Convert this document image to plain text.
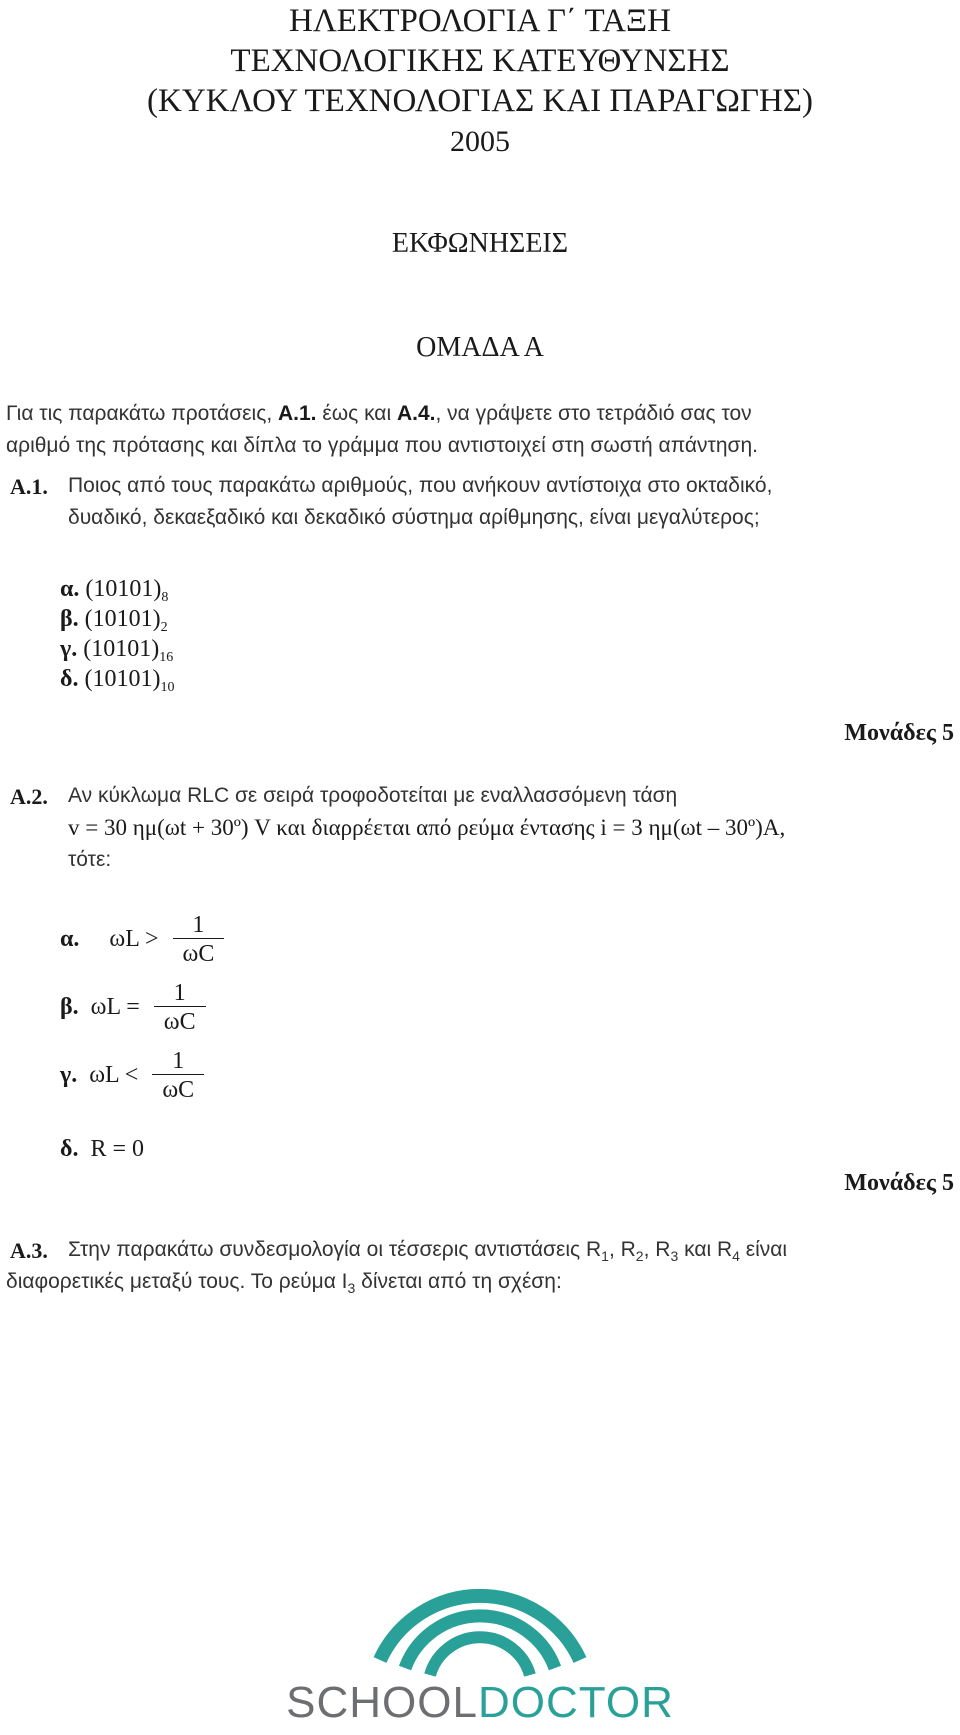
ΗΛΕΚΤΡΟΛΟΓΙΑ Γ΄ ΤΑΞΗ
ΤΕΧΝΟΛΟΓΙΚΗΣ ΚΑΤΕΥΘΥΝΣΗΣ
(ΚΥΚΛΟΥ ΤΕΧΝΟΛΟΓΙΑΣ ΚΑΙ ΠΑΡΑΓΩΓΗΣ)
2005
ΕΚΦΩΝΗΣΕΙΣ
ΟΜΑΔΑ Α
Για τις παρακάτω προτάσεις, Α.1. έως και Α.4., να γράψετε στο τετράδιό σας τον
αριθμό της πρότασης και δίπλα το γράμμα που αντιστοιχεί στη σωστή απάντηση.
Α.1. Ποιος από τους παρακάτω αριθμούς, που ανήκουν αντίστοιχα στο οκταδικό,
δυαδικό, δεκαεξαδικό και δεκαδικό σύστημα αρίθμησης, είναι μεγαλύτερος;
α. $(10101)_8$
β. $(10101)_2$
γ. $(10101)_{16}$
δ. $(10101)_{10}$
Μονάδες 5
Α.2. Αν κύκλωμα RLC σε σειρά τροφοδοτείται με εναλλασσόμενη τάση
v = 30 ημ(ωt + 30º) V και διαρρέεται από ρεύμα έντασης i = 3 ημ(ωt – 30º)A,
τότε:
α. $\omega L > \frac{1}{\omega C}$
β. $\omega L = \frac{1}{\omega C}$
γ. $\omega L < \frac{1}{\omega C}$
δ. R = 0
Μονάδες 5
Α.3. Στην παρακάτω συνδεσμολογία οι τέσσερις αντιστάσεις $R_1$, $R_2$, $R_3$ και $R_4$ είναι
διαφορετικές μεταξύ τους. Το ρεύμα $I_3$ δίνεται από τη σχέση:
SCHOOLDOCTOR
